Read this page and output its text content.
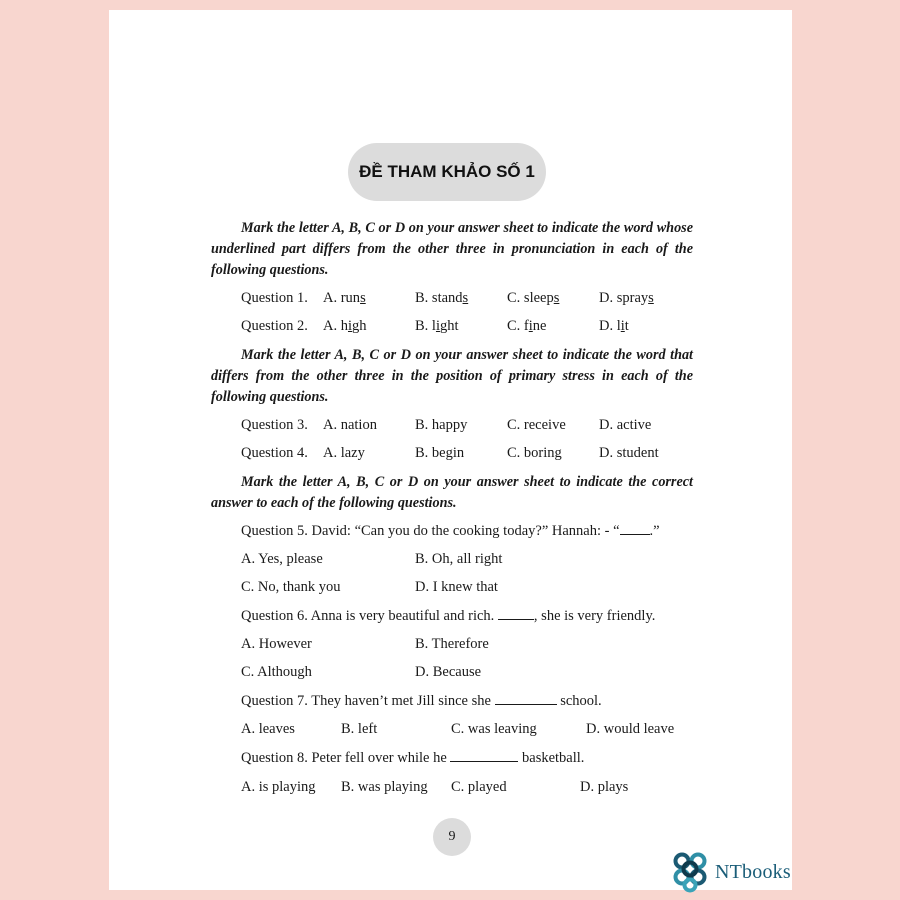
ĐỀ THAM KHẢO SỐ 1
Mark the letter A, B, C or D on your answer sheet to indicate the word whose underlined part differs from the other three in pronunciation in each of the following questions.
Question 1. A. runs	B. stands	C. sleeps	D. sprays
Question 2. A. high	B. light	C. fine	D. lit
Mark the letter A, B, C or D on your answer sheet to indicate the word that differs from the other three in the position of primary stress in each of the following questions.
Question 3. A. nation	B. happy	C. receive D. active
Question 4. A. lazy	B. begin	C. boring	D. student
Mark the letter A, B, C or D on your answer sheet to indicate the correct answer to each of the following questions.
Question 5. David: “Can you do the cooking today?” Hannah: - “ .”
A. Yes, please	B. Oh, all right
C. No, thank you	D. I knew that
Question 6. Anna is very beautiful and rich.	, she is very friendly.
A. However	B. Therefore
C. Although	D. Because
Question 7. They haven’t met Jill since she	school.
A. leaves	B. left	C. was leaving	D. would leave
Question 8. Peter fell over while he	basketball.
A. is playing B. was playing C. played	D. plays
9
NTbooks
